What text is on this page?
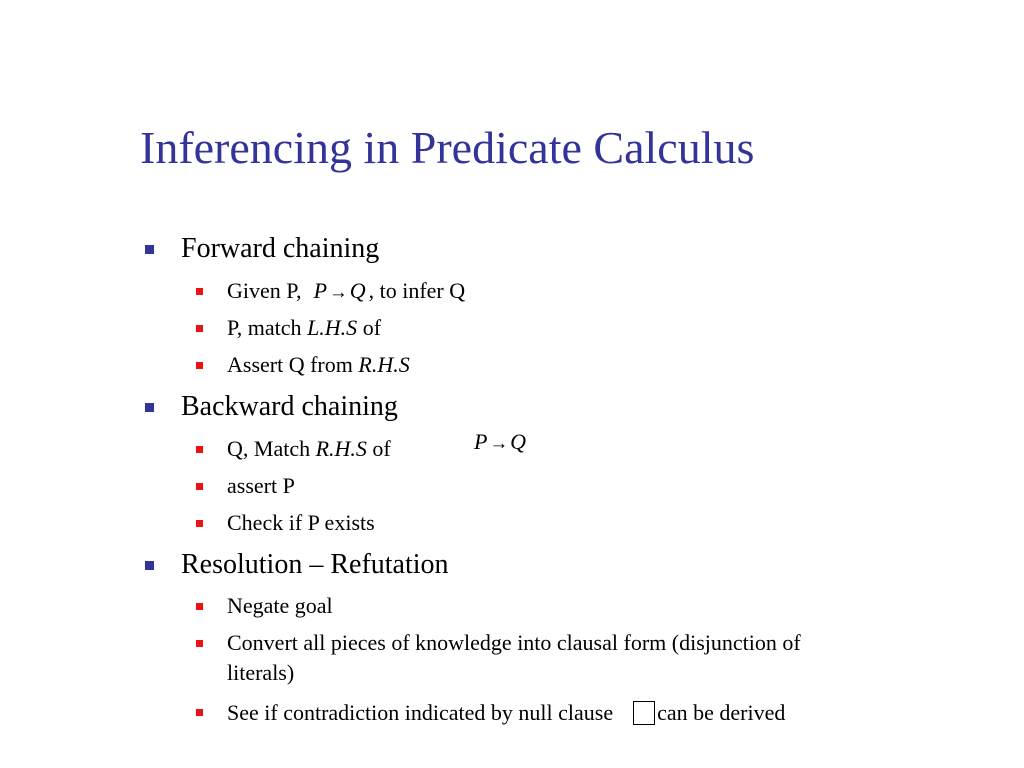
Inferencing in Predicate Calculus
Forward chaining
Given P, P →Q , to infer Q
P, match L.H.S of
Assert Q from R.H.S
Backward chaining
P →Q
Q, Match R.H.S of
assert P
Check if P exists
Resolution – Refutation
Negate goal
Convert all pieces of knowledge into clausal form (disjunction of
literals)
See if contradiction indicated by null clause can be derived
